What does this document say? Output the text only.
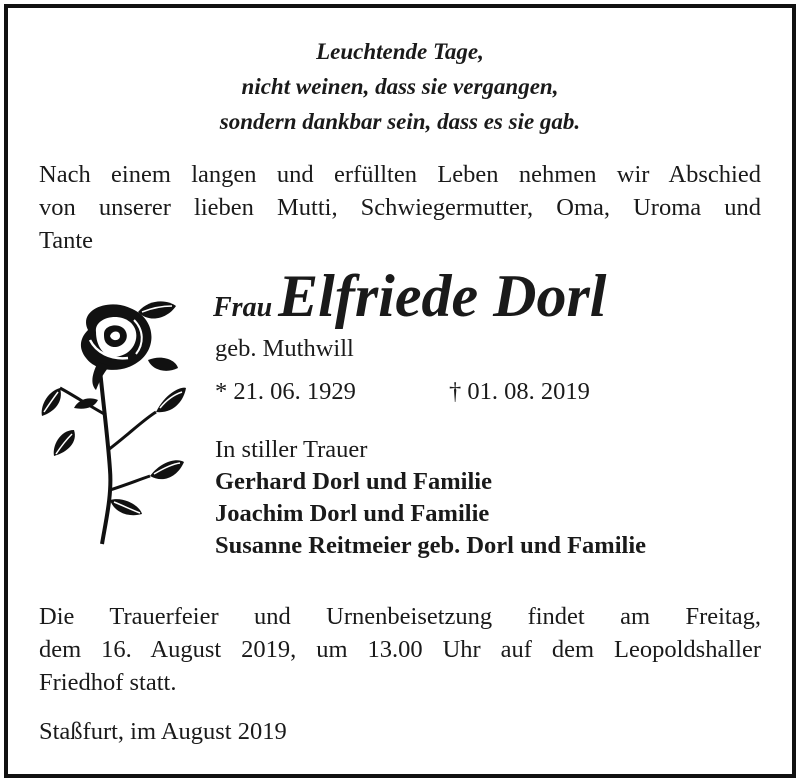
Leuchtende Tage,
nicht weinen, dass sie vergangen,
sondern dankbar sein, dass es sie gab.
Nach einem langen und erfüllten Leben nehmen wir Abschied
von unserer lieben Mutti, Schwiegermutter, Oma, Uroma und
Tante
Frau Elfriede Dorl
geb. Muthwill
* 21. 06. 1929	† 01. 08. 2019
In stiller Trauer
Gerhard Dorl und Familie
Joachim Dorl und Familie
Susanne Reitmeier geb. Dorl und Familie
Die Trauerfeier und Urnenbeisetzung findet am Freitag,
dem 16. August 2019, um 13.00 Uhr auf dem Leopoldshaller
Friedhof statt.
Staßfurt, im August 2019
